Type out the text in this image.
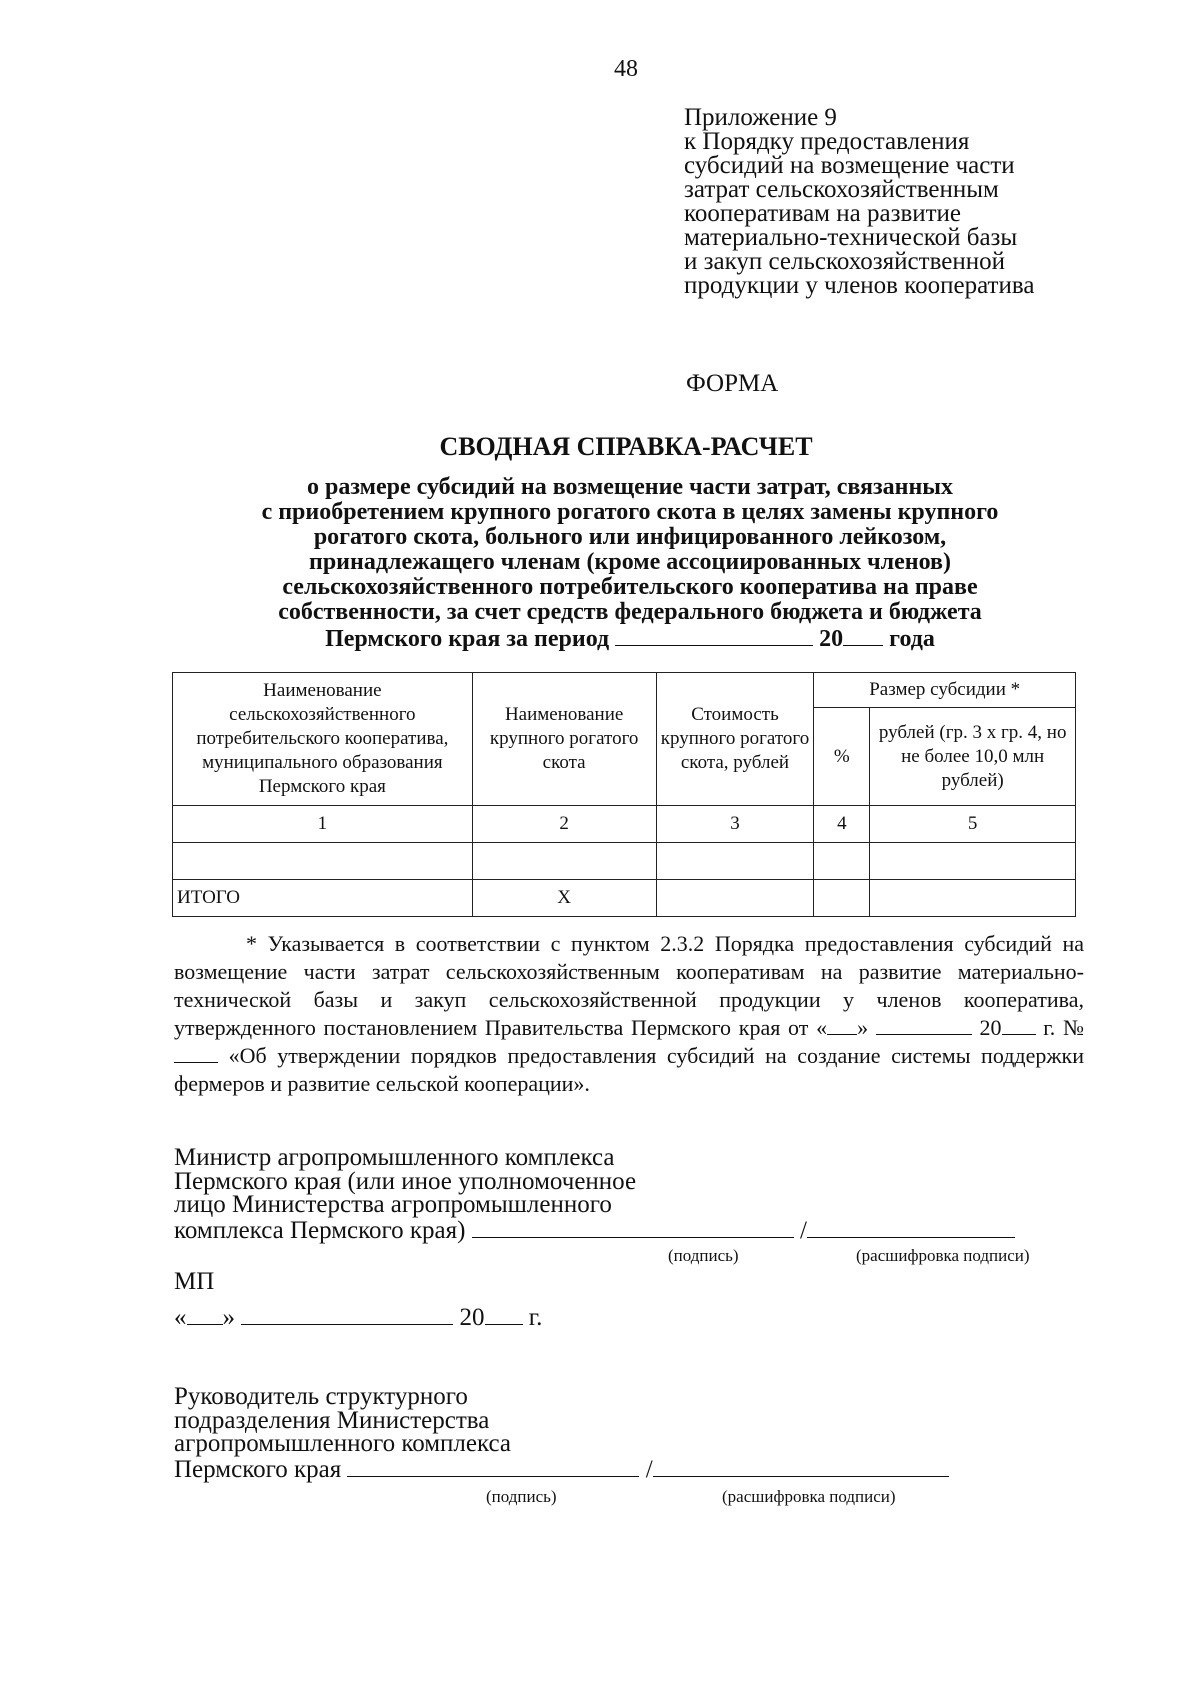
48
Приложение 9
к Порядку предоставления
субсидий на возмещение части
затрат сельскохозяйственным
кооперативам на развитие
материально-технической базы
и закуп сельскохозяйственной
продукции у членов кооператива
ФОРМА
СВОДНАЯ СПРАВКА-РАСЧЕТ
о размере субсидий на возмещение части затрат, связанных
с приобретением крупного рогатого скота в целях замены крупного
рогатого скота, больного или инфицированного лейкозом,
принадлежащего членам (кроме ассоциированных членов)
сельскохозяйственного потребительского кооператива на праве
собственности, за счет средств федерального бюджета и бюджета
Пермского края за период	20 года
Наименование сельскохозяйственного потребительского кооператива, муниципального образования Пермского края	Наименование крупного рогатого скота	Стоимость крупного рогатого скота, рублей	Размер субсидии *	
			%	рублей (гр. 3 x гр. 4, но не более 10,0 млн рублей)
1	2	3	4	5

ИТОГО	X			

* Указывается в соответствии с пунктом 2.3.2 Порядка предоставления субсидий на возмещение части затрат сельскохозяйственным кооперативам на развитие материально-технической базы и закуп сельскохозяйственной продукции у членов кооператива, утвержденного постановлением Правительства Пермского края от « »	20 г. №  «Об утверждении порядков предоставления субсидий на создание системы поддержки фермеров и развитие сельской кооперации».

Министр агропромышленного комплекса
Пермского края (или иное уполномоченное
лицо Министерства агропромышленного
комплекса Пермского края)	/
(подпись)	(расшифровка подписи)
МП
« »	20 г.
Руководитель структурного
подразделения Министерства
агропромышленного комплекса
Пермского края	/
(подпись)	(расшифровка подписи)
